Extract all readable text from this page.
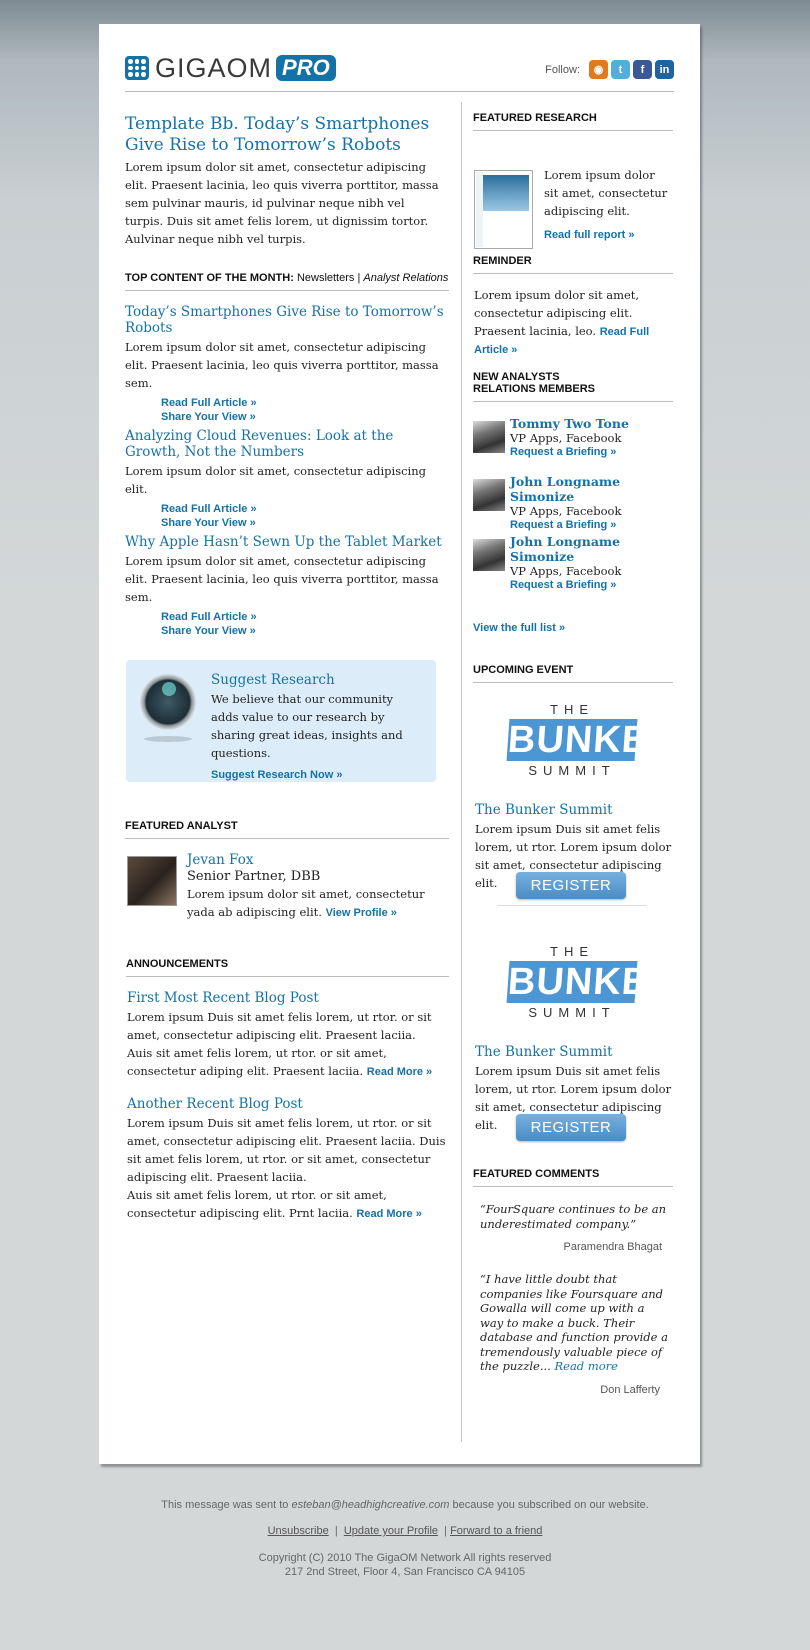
GIGAOM PRO	Follow:	◉	t	f	in
Template Bb. Today’s Smartphones Give Rise to Tomorrow’s Robots

Lorem ipsum dolor sit amet, consectetur adipiscing elit. Praesent lacinia, leo quis viverra porttitor, massa sem pulvinar mauris, id pulvinar neque nibh vel turpis. Duis sit amet felis lorem, ut dignissim tortor. Aulvinar neque nibh vel turpis.

TOP CONTENT OF THE MONTH: Newsletters | Analyst Relations
Today’s Smartphones Give Rise to Tomorrow’s Robots

Lorem ipsum dolor sit amet, consectetur adipiscing elit. Praesent lacinia, leo quis viverra porttitor, massa sem.

Read Full Article »
Share Your View »
Analyzing Cloud Revenues: Look at the Growth, Not the Numbers

Lorem ipsum dolor sit amet, consectetur adipiscing elit.

Read Full Article »
Share Your View »
Why Apple Hasn’t Sewn Up the Tablet Market

Lorem ipsum dolor sit amet, consectetur adipiscing elit. Praesent lacinia, leo quis viverra porttitor, massa sem.

Read Full Article »
Share Your View »
Suggest Research

We believe that our community adds value to our research by sharing great ideas, insights and questions.

Suggest Research Now »
FEATURED ANALYST
Jevan Fox
Senior Partner, DBB

Lorem ipsum dolor sit amet, consectetur yada ab adipiscing elit. View Profile »

ANNOUNCEMENTS
First Most Recent Blog Post

Lorem ipsum Duis sit amet felis lorem, ut rtor. or sit amet, consectetur adipiscing elit. Praesent laciia.

Auis sit amet felis lorem, ut rtor. or sit amet, consectetur adiping elit. Praesent laciia. Read More »

Another Recent Blog Post

Lorem ipsum Duis sit amet felis lorem, ut rtor. or sit amet, consectetur adipiscing elit. Praesent laciia. Duis sit amet felis lorem, ut rtor. or sit amet, consectetur adipiscing elit. Praesent laciia.

Auis sit amet felis lorem, ut rtor. or sit amet, consectetur adipiscing elit. Prnt laciia. Read More »

FEATURED RESEARCH

Lorem ipsum dolor sit amet, consectetur adipiscing elit.

Read full report »
REMINDER

Lorem ipsum dolor sit amet, consectetur adipiscing elit. Praesent lacinia, leo. Read Full Article »

NEW ANALYSTS
RELATIONS MEMBERS
Tommy Two Tone
VP Apps, Facebook
Request a Briefing »
John Longname Simonize
VP Apps, Facebook
Request a Briefing »
John Longname Simonize
VP Apps, Facebook
Request a Briefing »
View the full list »
UPCOMING EVENT
THE
BUNKER
SUMMIT
The Bunker Summit

Lorem ipsum Duis sit amet felis lorem, ut rtor. Lorem ipsum dolor sit amet, consectetur adipiscing elit.	REGISTER
THE
BUNKER
SUMMIT
The Bunker Summit

Lorem ipsum Duis sit amet felis lorem, ut rtor. Lorem ipsum dolor sit amet, consectetur adipiscing elit.	REGISTER
FEATURED COMMENTS

“FourSquare continues to be an underestimated company.”

Paramendra Bhagat

“I have little doubt that companies like Foursquare and Gowalla will come up with a way to make a buck. Their database and function provide a tremendously valuable piece of the puzzle... Read more

Don Lafferty

This message was sent to esteban@headhighcreative.com because you subscribed on our website.
Unsubscribe | Update your Profile | Forward to a friend
Copyright (C) 2010 The GigaOM Network All rights reserved
217 2nd Street, Floor 4, San Francisco CA 94105
